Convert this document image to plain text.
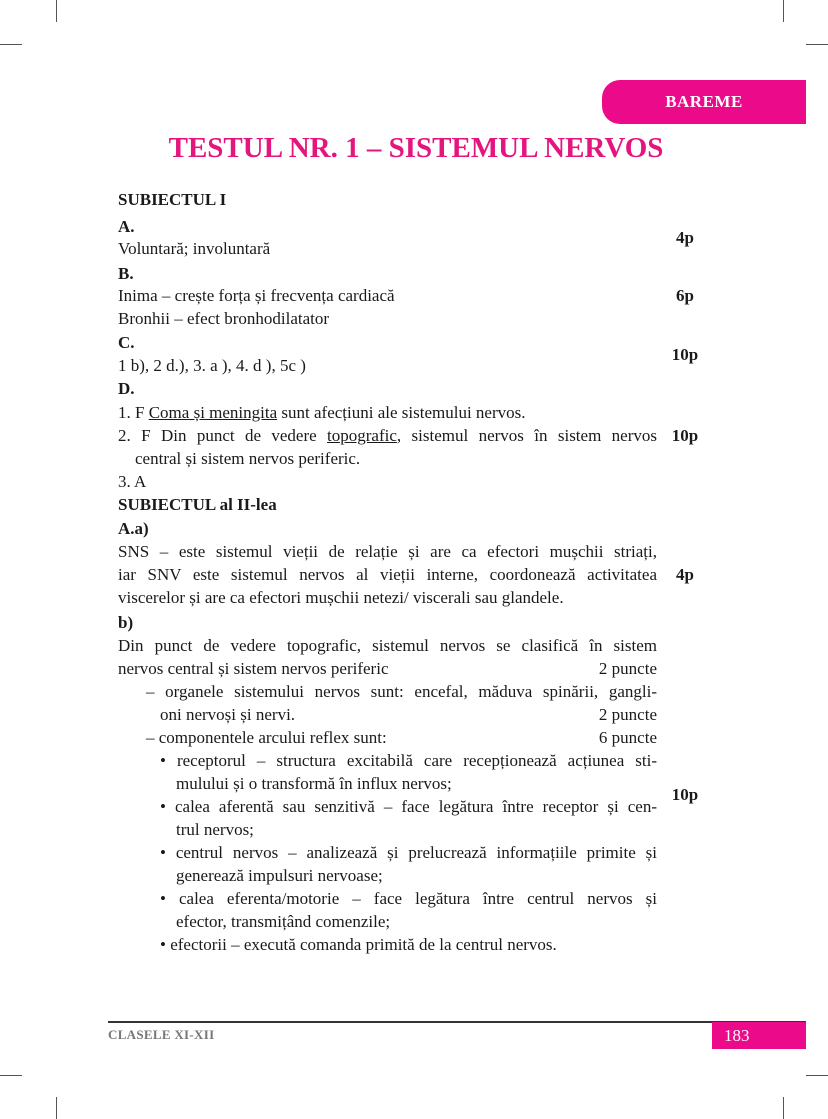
BAREME
TESTUL NR. 1 – SISTEMUL NERVOS
SUBIECTUL I
A.
Voluntară; involuntară
4p
B.
Inima – crește forța și frecvența cardiacă
Bronhii – efect bronhodilatator
6p
C.
1 b), 2 d.), 3. a ), 4. d ), 5c )
10p
D.
1. F Coma și meningita sunt afecțiuni ale sistemului nervos.
2. F Din punct de vedere topografic, sistemul nervos în sistem nervos
central și sistem nervos periferic.
3. A
10p
SUBIECTUL al II-lea
A.a)
SNS – este sistemul vieții de relație și are ca efectori mușchii striați,
iar SNV este sistemul nervos al vieții interne, coordonează activitatea
viscerelor și are ca efectori mușchii netezi/ viscerali sau glandele.
4p
b)
Din punct de vedere topografic, sistemul nervos se clasifică în sistem
nervos central și sistem nervos periferic	2 puncte
– organele sistemului nervos sunt: encefal, măduva spinării, gangli-
oni nervoși și nervi.	2 puncte
– componentele arcului reflex sunt:	6 puncte
• receptorul – structura excitabilă care recepționează acțiunea sti-
mulului și o transformă în influx nervos;
• calea aferentă sau senzitivă – face legătura între receptor și cen-
trul nervos;
• centrul nervos – analizează și prelucrează informațiile primite și
generează impulsuri nervoase;
• calea eferenta/motorie – face legătura între centrul nervos și
efector, transmițând comenzile;
• efectorii – execută comanda primită de la centrul nervos.
10p
CLASELE XI-XII	183
